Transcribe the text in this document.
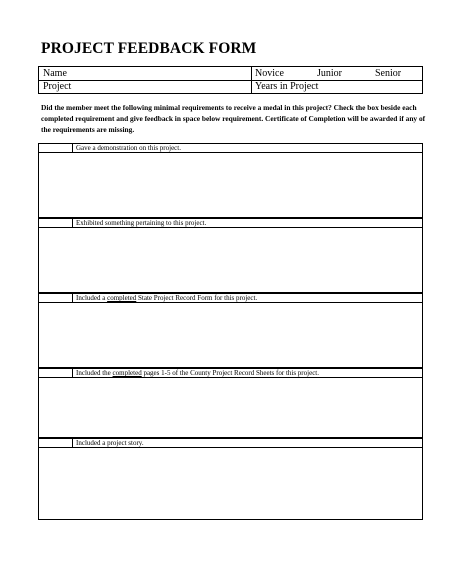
PROJECT FEEDBACK FORM
Name	Novice	Junior	Senior
Project	Years in Project
Did the member meet the following minimal requirements to receive a medal in this project? Check the box beside each completed requirement and give feedback in space below requirement. Certificate of Completion will be awarded if any of the requirements are missing.
Gave a demonstration on this project.
Exhibited something pertaining to this project.
Included a completed State Project Record Form for this project.
Included the completed pages 1-5 of the County Project Record Sheets for this project.
Included a project story.
